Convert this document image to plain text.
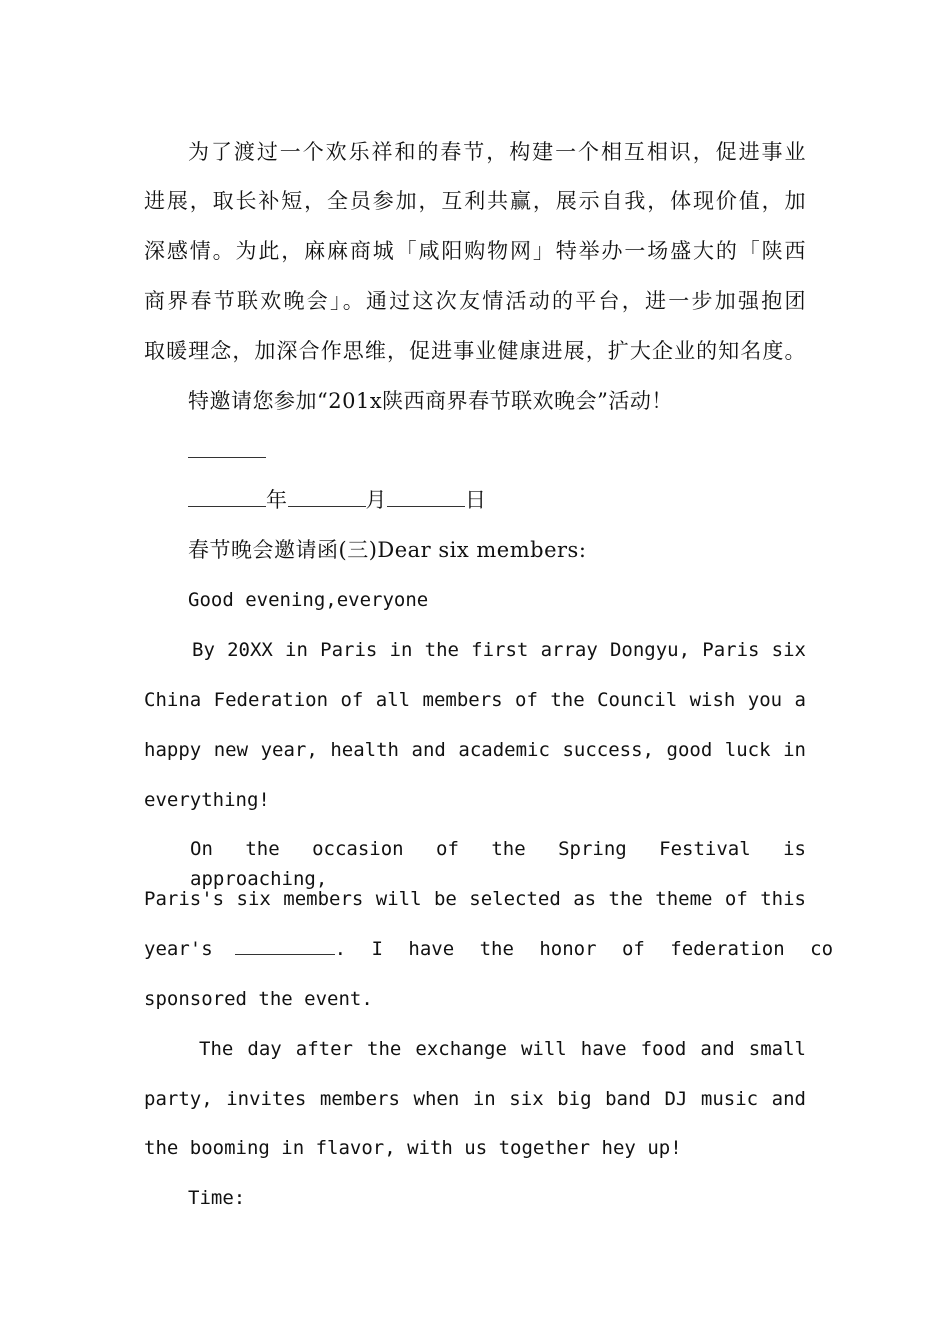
为了渡过一个欢乐祥和的春节，构建一个相互相识，促进事业
进展，取长补短，全员参加，互利共赢，展示自我，体现价值，加
深感情。为此，麻麻商城「咸阳购物网」特举办一场盛大的「陕西
商界春节联欢晚会」。通过这次友情活动的平台，进一步加强抱团
取暖理念，加深合作思维，促进事业健康进展，扩大企业的知名度。
特邀请您参加“201x陕西商界春节联欢晚会”活动！
年	月	日
春节晚会邀请函(三)Dear six members:
Good evening,everyone
By 20XX in Paris in the first array Dongyu, Paris six
China Federation of all members of the Council wish you a
happy new year, health and academic success, good luck in
everything!
On the occasion of the Spring Festival is approaching,
Paris's six members will be selected as the theme of this
year's	. I have the honor of federation co
sponsored the event.
The day after the exchange will have food and small
party, invites members when in six big band DJ music and
the booming in flavor, with us together hey up!
Time:
